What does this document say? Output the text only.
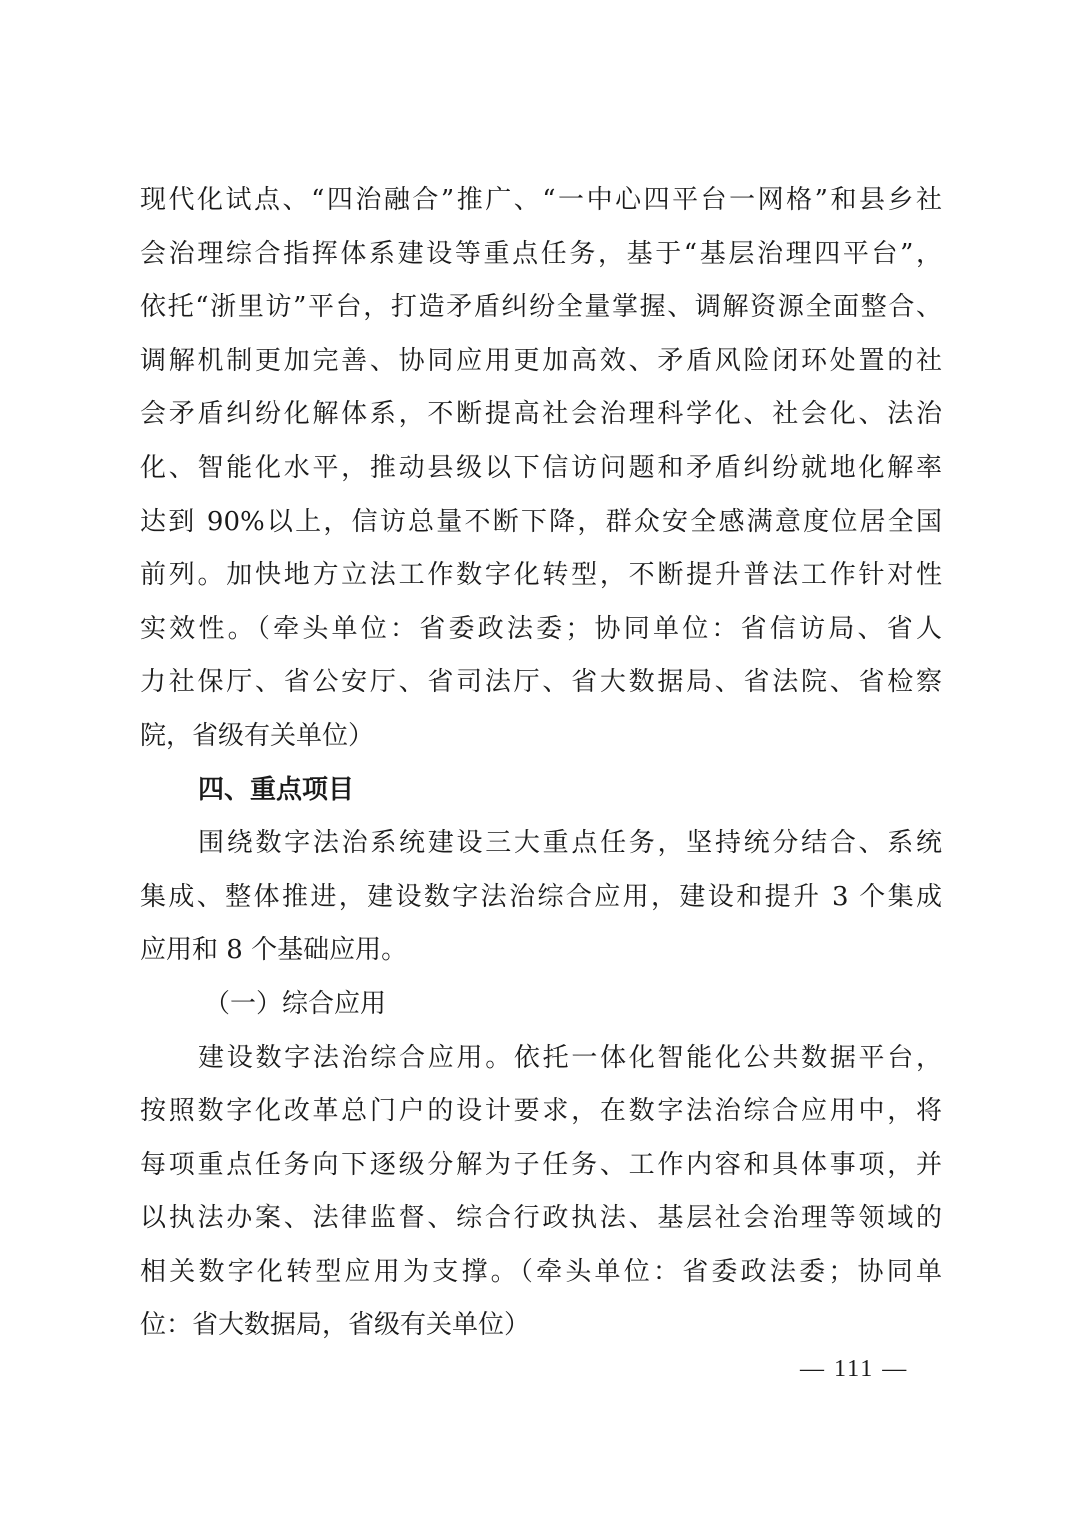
现代化试点、“四治融合”推广、“一中心四平台一网格”和县乡社
会治理综合指挥体系建设等重点任务，基于“基层治理四平台”，
依托“浙里访”平台，打造矛盾纠纷全量掌握、调解资源全面整合、
调解机制更加完善、协同应用更加高效、矛盾风险闭环处置的社
会矛盾纠纷化解体系，不断提高社会治理科学化、社会化、法治
化、智能化水平，推动县级以下信访问题和矛盾纠纷就地化解率
达到 90%以上，信访总量不断下降，群众安全感满意度位居全国
前列。加快地方立法工作数字化转型，不断提升普法工作针对性
实效性。（牵头单位：省委政法委；协同单位：省信访局、省人
力社保厅、省公安厅、省司法厅、省大数据局、省法院、省检察
院，省级有关单位）
四、重点项目
围绕数字法治系统建设三大重点任务，坚持统分结合、系统
集成、整体推进，建设数字法治综合应用，建设和提升 3 个集成
应用和 8 个基础应用。
（一）综合应用
建设数字法治综合应用。依托一体化智能化公共数据平台，
按照数字化改革总门户的设计要求，在数字法治综合应用中，将
每项重点任务向下逐级分解为子任务、工作内容和具体事项，并
以执法办案、法律监督、综合行政执法、基层社会治理等领域的
相关数字化转型应用为支撑。（牵头单位：省委政法委；协同单
位：省大数据局，省级有关单位）
— 111 —
